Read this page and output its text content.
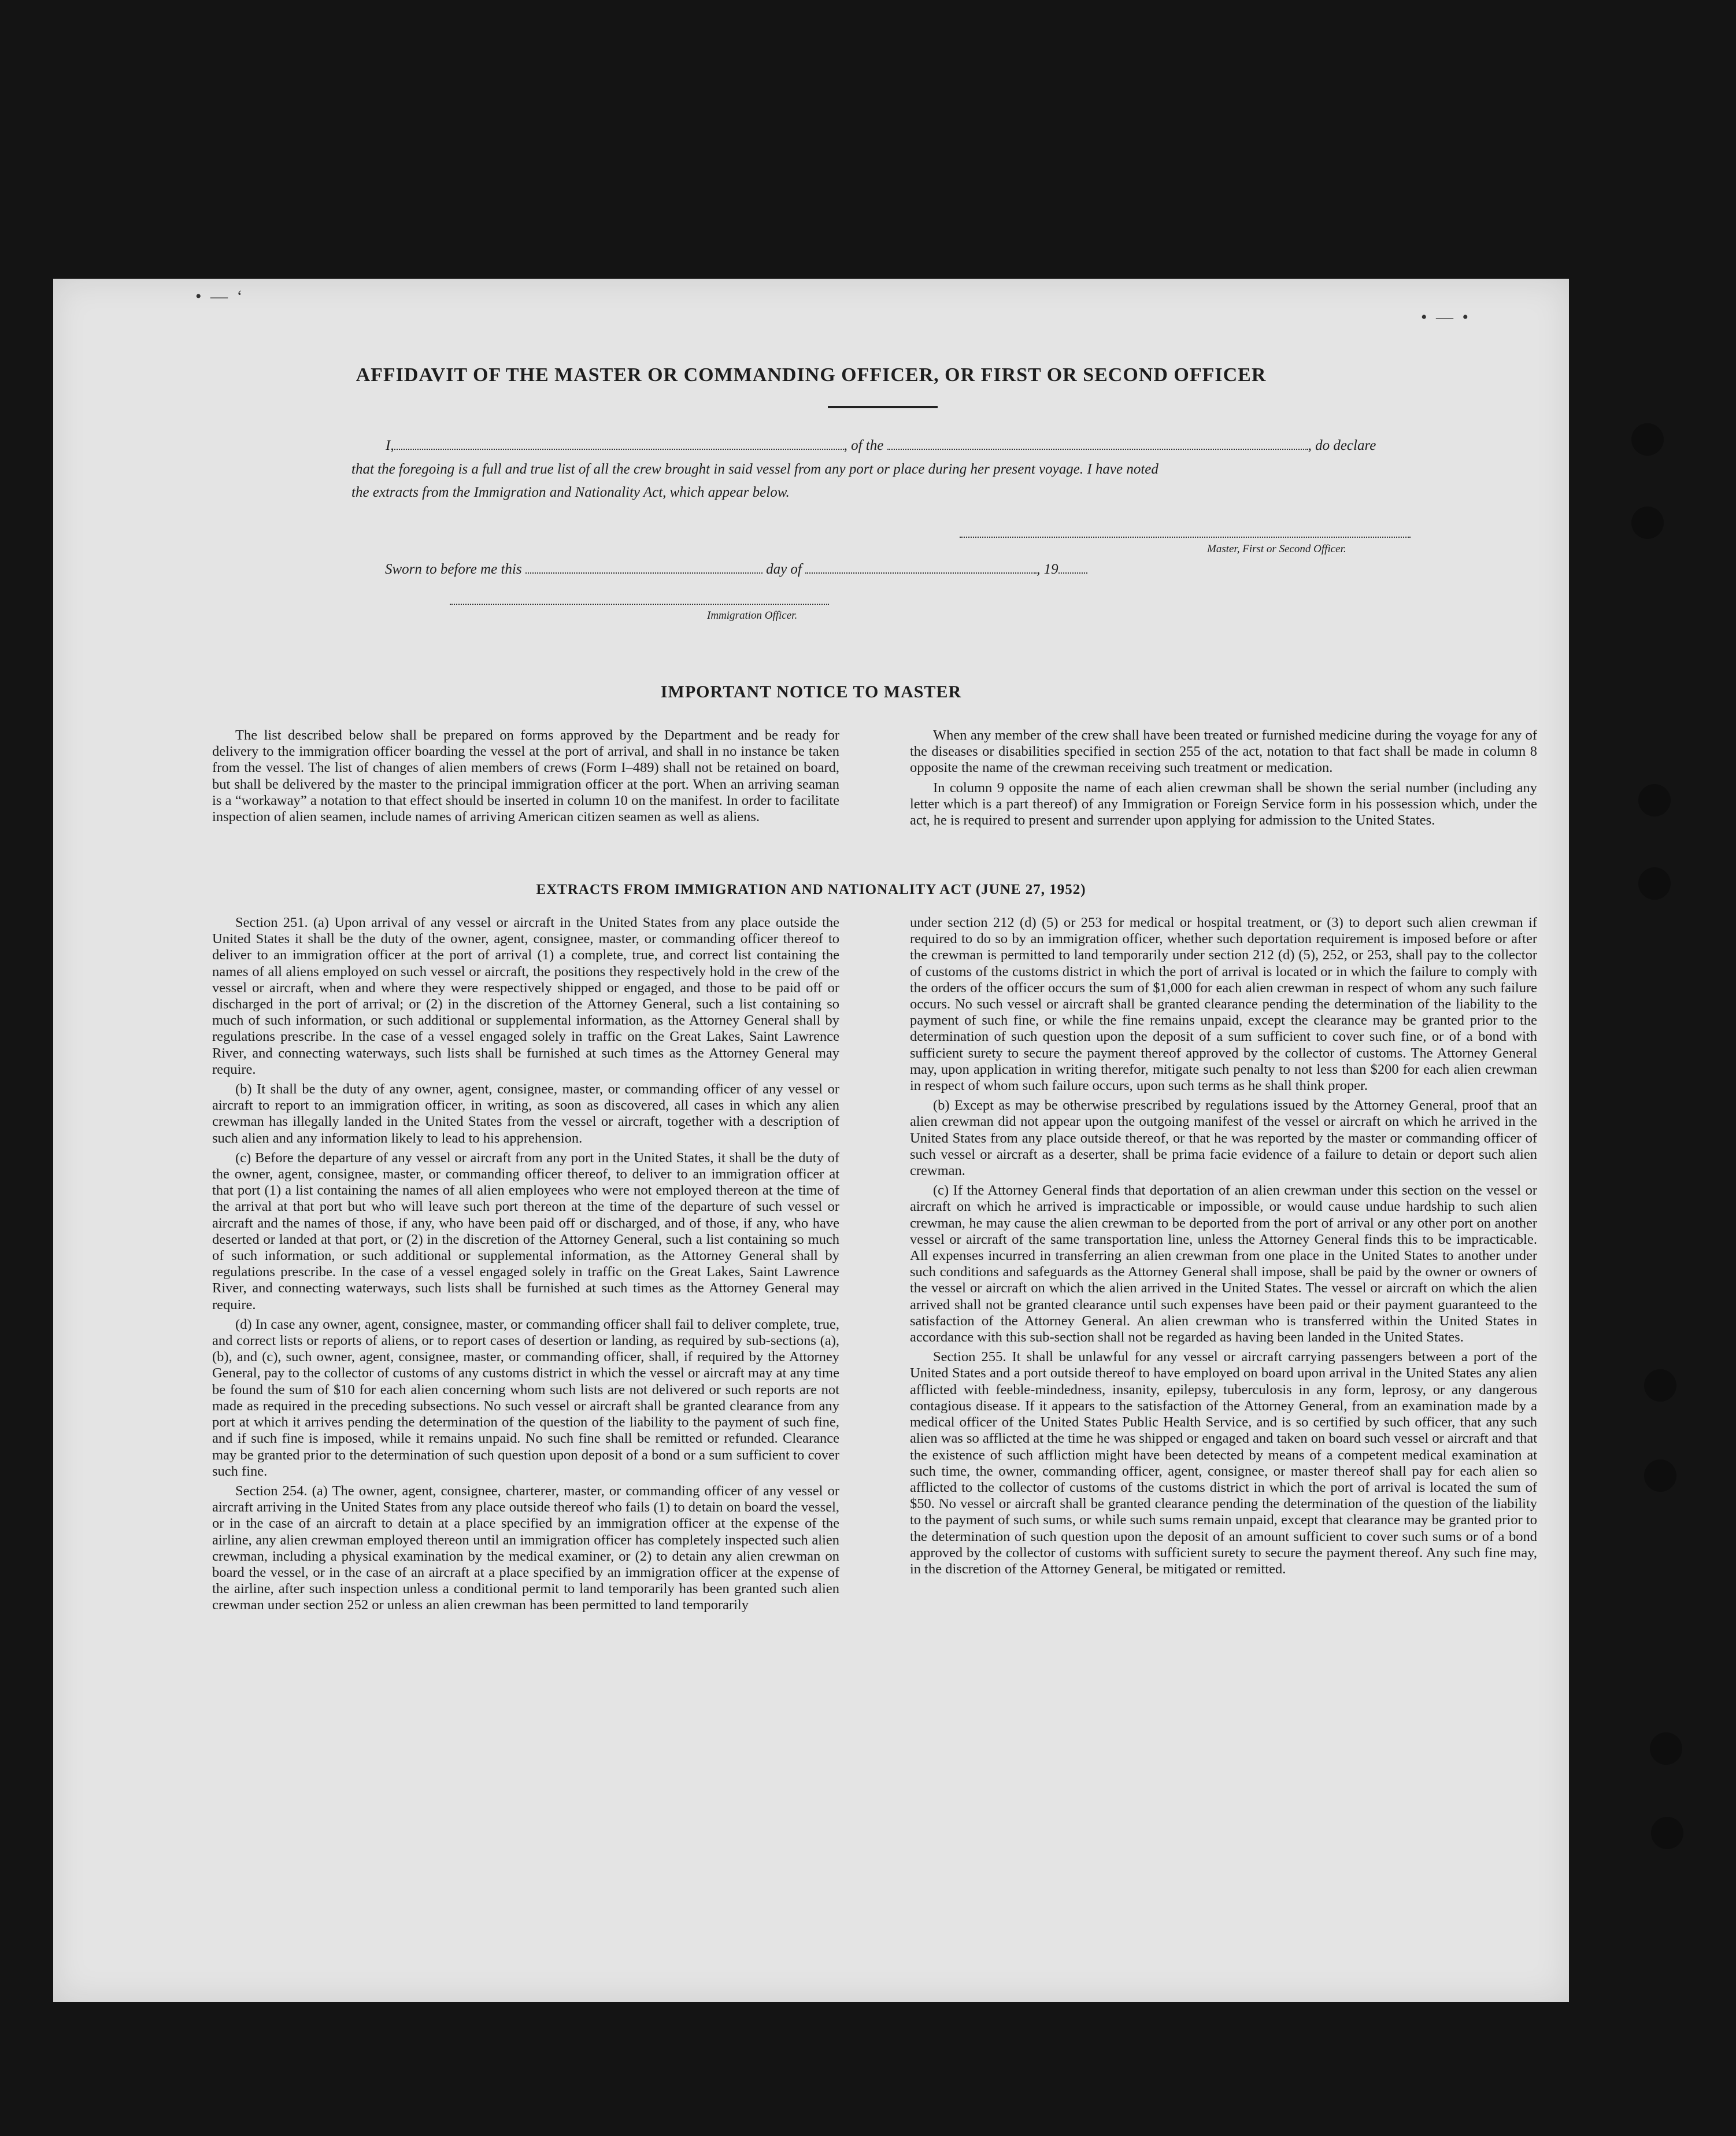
• — ‘
• — •
AFFIDAVIT OF THE MASTER OR COMMANDING OFFICER, OR FIRST OR SECOND OFFICER
I,	, of the	, do declare
that the foregoing is a full and true list of all the crew brought in said vessel from any port or place during her present voyage. I have noted
the extracts from the Immigration and Nationality Act, which appear below.
Master, First or Second Officer.
Sworn to before me this	day of	, 19
Immigration Officer.
IMPORTANT NOTICE TO MASTER

The list described below shall be prepared on forms approved by the Department and be ready for delivery to the immigration officer boarding the vessel at the port of arrival, and shall in no instance be taken from the vessel. The list of changes of alien members of crews (Form I–489) shall not be retained on board, but shall be delivered by the master to the principal immigration officer at the port. When an arriving seaman is a “workaway” a notation to that effect should be inserted in column 10 on the manifest. In order to facilitate inspection of alien seamen, include names of arriving American citizen seamen as well as aliens.

When any member of the crew shall have been treated or furnished medicine during the voyage for any of the diseases or disabilities specified in section 255 of the act, notation to that fact shall be made in column 8 opposite the name of the crewman receiving such treatment or medication.

In column 9 opposite the name of each alien crewman shall be shown the serial number (including any letter which is a part thereof) of any Immigration or Foreign Service form in his possession which, under the act, he is required to present and surrender upon applying for admission to the United States.

EXTRACTS FROM IMMIGRATION AND NATIONALITY ACT (JUNE 27, 1952)

Section 251. (a) Upon arrival of any vessel or aircraft in the United States from any place outside the United States it shall be the duty of the owner, agent, consignee, master, or commanding officer thereof to deliver to an immigration officer at the port of arrival (1) a complete, true, and correct list containing the names of all aliens employed on such vessel or aircraft, the positions they respectively hold in the crew of the vessel or aircraft, when and where they were respectively shipped or engaged, and those to be paid off or discharged in the port of arrival; or (2) in the discretion of the Attorney General, such a list containing so much of such information, or such additional or supplemental information, as the Attorney General shall by regulations prescribe. In the case of a vessel engaged solely in traffic on the Great Lakes, Saint Lawrence River, and connecting waterways, such lists shall be furnished at such times as the Attorney General may require.

(b) It shall be the duty of any owner, agent, consignee, master, or commanding officer of any vessel or aircraft to report to an immigration officer, in writing, as soon as discovered, all cases in which any alien crewman has illegally landed in the United States from the vessel or aircraft, together with a description of such alien and any information likely to lead to his apprehension.

(c) Before the departure of any vessel or aircraft from any port in the United States, it shall be the duty of the owner, agent, consignee, master, or commanding officer thereof, to deliver to an immigration officer at that port (1) a list containing the names of all alien employees who were not employed thereon at the time of the arrival at that port but who will leave such port thereon at the time of the departure of such vessel or aircraft and the names of those, if any, who have been paid off or discharged, and of those, if any, who have deserted or landed at that port, or (2) in the discretion of the Attorney General, such a list containing so much of such information, or such additional or supplemental information, as the Attorney General shall by regulations prescribe. In the case of a vessel engaged solely in traffic on the Great Lakes, Saint Lawrence River, and connecting waterways, such lists shall be furnished at such times as the Attorney General may require.

(d) In case any owner, agent, consignee, master, or commanding officer shall fail to deliver complete, true, and correct lists or reports of aliens, or to report cases of desertion or landing, as required by sub-sections (a), (b), and (c), such owner, agent, consignee, master, or commanding officer, shall, if required by the Attorney General, pay to the collector of customs of any customs district in which the vessel or aircraft may at any time be found the sum of $10 for each alien concerning whom such lists are not delivered or such reports are not made as required in the preceding subsections. No such vessel or aircraft shall be granted clearance from any port at which it arrives pending the determination of the question of the liability to the payment of such fine, and if such fine is imposed, while it remains unpaid. No such fine shall be remitted or refunded. Clearance may be granted prior to the determination of such question upon deposit of a bond or a sum sufficient to cover such fine.

Section 254. (a) The owner, agent, consignee, charterer, master, or commanding officer of any vessel or aircraft arriving in the United States from any place outside thereof who fails (1) to detain on board the vessel, or in the case of an aircraft to detain at a place specified by an immigration officer at the expense of the airline, any alien crewman employed thereon until an immigration officer has completely inspected such alien crewman, including a physical examination by the medical examiner, or (2) to detain any alien crewman on board the vessel, or in the case of an aircraft at a place specified by an immigration officer at the expense of the airline, after such inspection unless a conditional permit to land temporarily has been granted such alien crewman under section 252 or unless an alien crewman has been permitted to land temporarily

under section 212 (d) (5) or 253 for medical or hospital treatment, or (3) to deport such alien crewman if required to do so by an immigration officer, whether such deportation requirement is imposed before or after the crewman is permitted to land temporarily under section 212 (d) (5), 252, or 253, shall pay to the collector of customs of the customs district in which the port of arrival is located or in which the failure to comply with the orders of the officer occurs the sum of $1,000 for each alien crewman in respect of whom any such failure occurs. No such vessel or aircraft shall be granted clearance pending the determination of the liability to the payment of such fine, or while the fine remains unpaid, except the clearance may be granted prior to the determination of such question upon the deposit of a sum sufficient to cover such fine, or of a bond with sufficient surety to secure the payment thereof approved by the collector of customs. The Attorney General may, upon application in writing therefor, mitigate such penalty to not less than $200 for each alien crewman in respect of whom such failure occurs, upon such terms as he shall think proper.

(b) Except as may be otherwise prescribed by regulations issued by the Attorney General, proof that an alien crewman did not appear upon the outgoing manifest of the vessel or aircraft on which he arrived in the United States from any place outside thereof, or that he was reported by the master or commanding officer of such vessel or aircraft as a deserter, shall be prima facie evidence of a failure to detain or deport such alien crewman.

(c) If the Attorney General finds that deportation of an alien crewman under this section on the vessel or aircraft on which he arrived is impracticable or impossible, or would cause undue hardship to such alien crewman, he may cause the alien crewman to be deported from the port of arrival or any other port on another vessel or aircraft of the same transportation line, unless the Attorney General finds this to be impracticable. All expenses incurred in transferring an alien crewman from one place in the United States to another under such conditions and safeguards as the Attorney General shall impose, shall be paid by the owner or owners of the vessel or aircraft on which the alien arrived in the United States. The vessel or aircraft on which the alien arrived shall not be granted clearance until such expenses have been paid or their payment guaranteed to the satisfaction of the Attorney General. An alien crewman who is transferred within the United States in accordance with this sub-section shall not be regarded as having been landed in the United States.

Section 255. It shall be unlawful for any vessel or aircraft carrying passengers between a port of the United States and a port outside thereof to have employed on board upon arrival in the United States any alien afflicted with feeble-mindedness, insanity, epilepsy, tuberculosis in any form, leprosy, or any dangerous contagious disease. If it appears to the satisfaction of the Attorney General, from an examination made by a medical officer of the United States Public Health Service, and is so certified by such officer, that any such alien was so afflicted at the time he was shipped or engaged and taken on board such vessel or aircraft and that the existence of such affliction might have been detected by means of a competent medical examination at such time, the owner, commanding officer, agent, consignee, or master thereof shall pay for each alien so afflicted to the collector of customs of the customs district in which the port of arrival is located the sum of $50. No vessel or aircraft shall be granted clearance pending the determination of the question of the liability to the payment of such sums, or while such sums remain unpaid, except that clearance may be granted prior to the determination of such question upon the deposit of an amount sufficient to cover such sums or of a bond approved by the collector of customs with sufficient surety to secure the payment thereof. Any such fine may, in the discretion of the Attorney General, be mitigated or remitted.
